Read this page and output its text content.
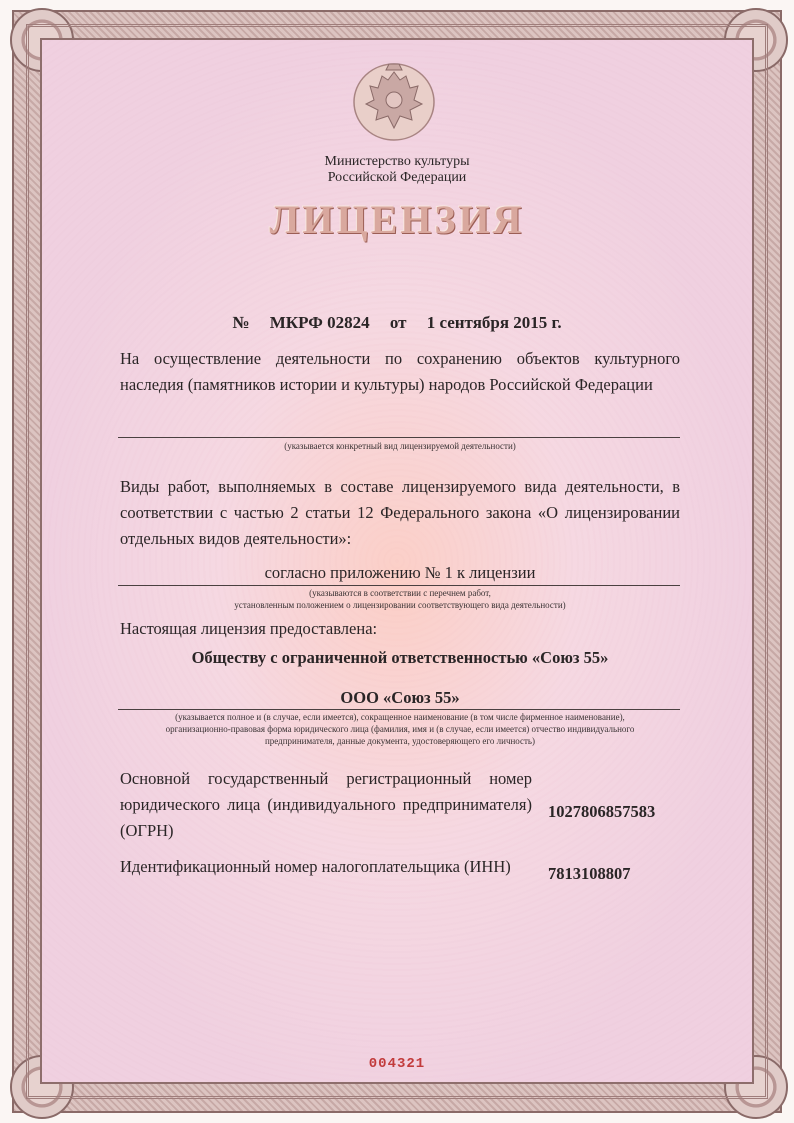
Министерство культуры
Российской Федерации
ЛИЦЕНЗИЯ
№ МКРФ 02824 от 1 сентября 2015 г.
На осуществление деятельности по сохранению объектов культурного наследия (памятников истории и культуры) народов Российской Федерации
(указывается конкретный вид лицензируемой деятельности)
Виды работ, выполняемых в составе лицензируемого вида деятельности, в соответствии с частью 2 статьи 12 Федерального закона «О лицензировании отдельных видов деятельности»:
согласно приложению № 1 к лицензии
(указываются в соответствии с перечнем работ,
установленным положением о лицензировании соответствующего вида деятельности)
Настоящая лицензия предоставлена:
Обществу с ограниченной ответственностью «Союз 55»
ООО «Союз 55»
(указывается полное и (в случае, если имеется), сокращенное наименование (в том числе фирменное наименование),
организационно-правовая форма юридического лица (фамилия, имя и (в случае, если имеется) отчество индивидуального
предпринимателя, данные документа, удостоверяющего его личность)
Основной государственный регистрационный номер юридического лица (индивидуального предпринимателя) (ОГРН)
1027806857583
Идентификационный номер налогоплательщика (ИНН)	7813108807
004321
